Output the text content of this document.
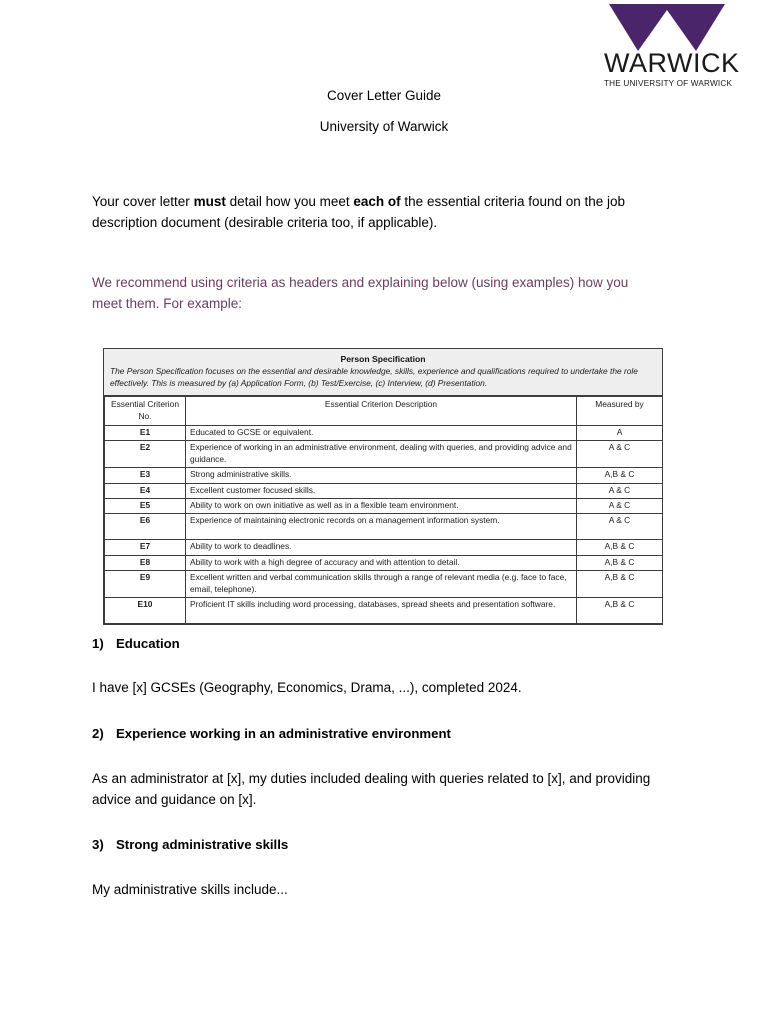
WARWICK
THE UNIVERSITY OF WARWICK
Cover Letter Guide
University of Warwick

Your cover letter must detail how you meet each of the essential criteria found on the job description document (desirable criteria too, if applicable).

We recommend using criteria as headers and explaining below (using examples) how you meet them. For example:

Person Specification
The Person Specification focuses on the essential and desirable knowledge, skills, experience and qualifications required to undertake the role effectively. This is measured by (a) Application Form, (b) Test/Exercise, (c) Interview, (d) Presentation.
Essential Criterion No.	Essential Criterion Description	Measured by
E1	Educated to GCSE or equivalent.	A
E2	Experience of working in an administrative environment, dealing with queries, and providing advice and guidance.	A & C
E3	Strong administrative skills.	A,B & C
E4	Excellent customer focused skills.	A & C
E5	Ability to work on own initiative as well as in a flexible team environment.	A & C
E6	Experience of maintaining electronic records on a management information system.	A & C
E7	Ability to work to deadlines.	A,B & C
E8	Ability to work with a high degree of accuracy and with attention to detail.	A,B & C
E9	Excellent written and verbal communication skills through a range of relevant media (e.g. face to face, email, telephone).	A,B & C
E10	Proficient IT skills including word processing, databases, spread sheets and presentation software.	A,B & C
1) Education

I have [x] GCSEs (Geography, Economics, Drama, ...), completed 2024.

2) Experience working in an administrative environment

As an administrator at [x], my duties included dealing with queries related to [x], and providing advice and guidance on [x].

3) Strong administrative skills

My administrative skills include...
